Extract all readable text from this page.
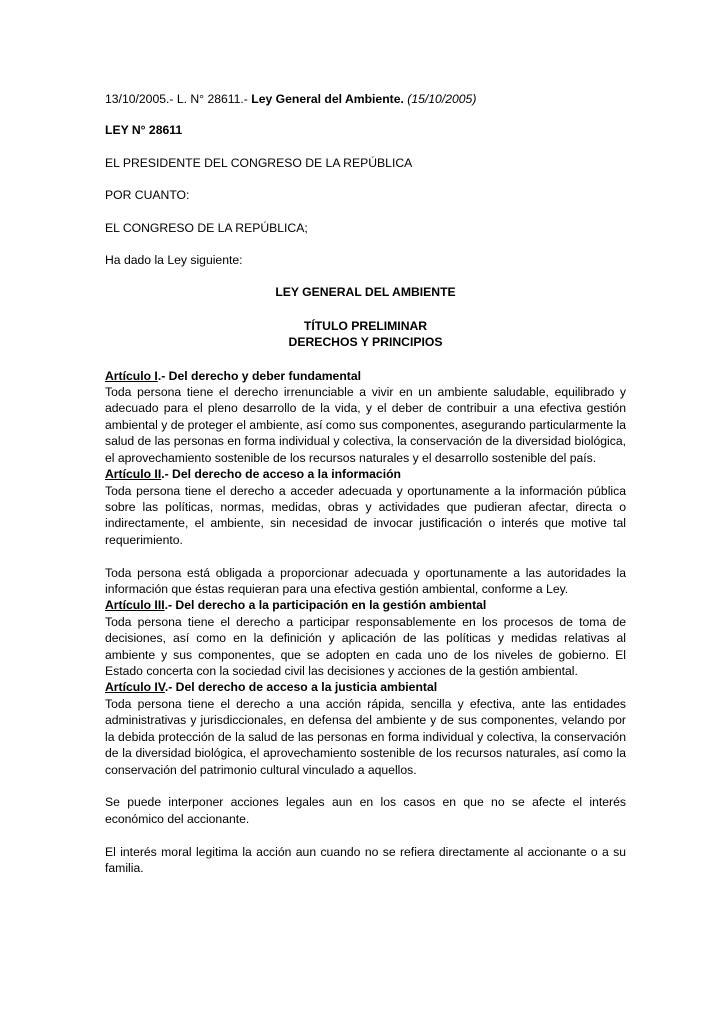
13/10/2005.- L. N° 28611.- Ley General del Ambiente. (15/10/2005)
LEY N° 28611
EL PRESIDENTE DEL CONGRESO DE LA REPÚBLICA
POR CUANTO:
EL CONGRESO DE LA REPÚBLICA;
Ha dado la Ley siguiente:
LEY GENERAL DEL AMBIENTE
TÍTULO PRELIMINAR
DERECHOS Y PRINCIPIOS
Artículo I.- Del derecho y deber fundamental
Toda persona tiene el derecho irrenunciable a vivir en un ambiente saludable, equilibrado y adecuado para el pleno desarrollo de la vida, y el deber de contribuir a una efectiva gestión ambiental y de proteger el ambiente, así como sus componentes, asegurando particularmente la salud de las personas en forma individual y colectiva, la conservación de la diversidad biológica, el aprovechamiento sostenible de los recursos naturales y el desarrollo sostenible del país.
Artículo II.- Del derecho de acceso a la información
Toda persona tiene el derecho a acceder adecuada y oportunamente a la información pública sobre las políticas, normas, medidas, obras y actividades que pudieran afectar, directa o indirectamente, el ambiente, sin necesidad de invocar justificación o interés que motive tal requerimiento.
Toda persona está obligada a proporcionar adecuada y oportunamente a las autoridades la información que éstas requieran para una efectiva gestión ambiental, conforme a Ley.
Artículo III.- Del derecho a la participación en la gestión ambiental
Toda persona tiene el derecho a participar responsablemente en los procesos de toma de decisiones, así como en la definición y aplicación de las políticas y medidas relativas al ambiente y sus componentes, que se adopten en cada uno de los niveles de gobierno. El Estado concerta con la sociedad civil las decisiones y acciones de la gestión ambiental.
Artículo IV.- Del derecho de acceso a la justicia ambiental
Toda persona tiene el derecho a una acción rápida, sencilla y efectiva, ante las entidades administrativas y jurisdiccionales, en defensa del ambiente y de sus componentes, velando por la debida protección de la salud de las personas en forma individual y colectiva, la conservación de la diversidad biológica, el aprovechamiento sostenible de los recursos naturales, así como la conservación del patrimonio cultural vinculado a aquellos.
Se puede interponer acciones legales aun en los casos en que no se afecte el interés económico del accionante.
El interés moral legitima la acción aun cuando no se refiera directamente al accionante o a su familia.
